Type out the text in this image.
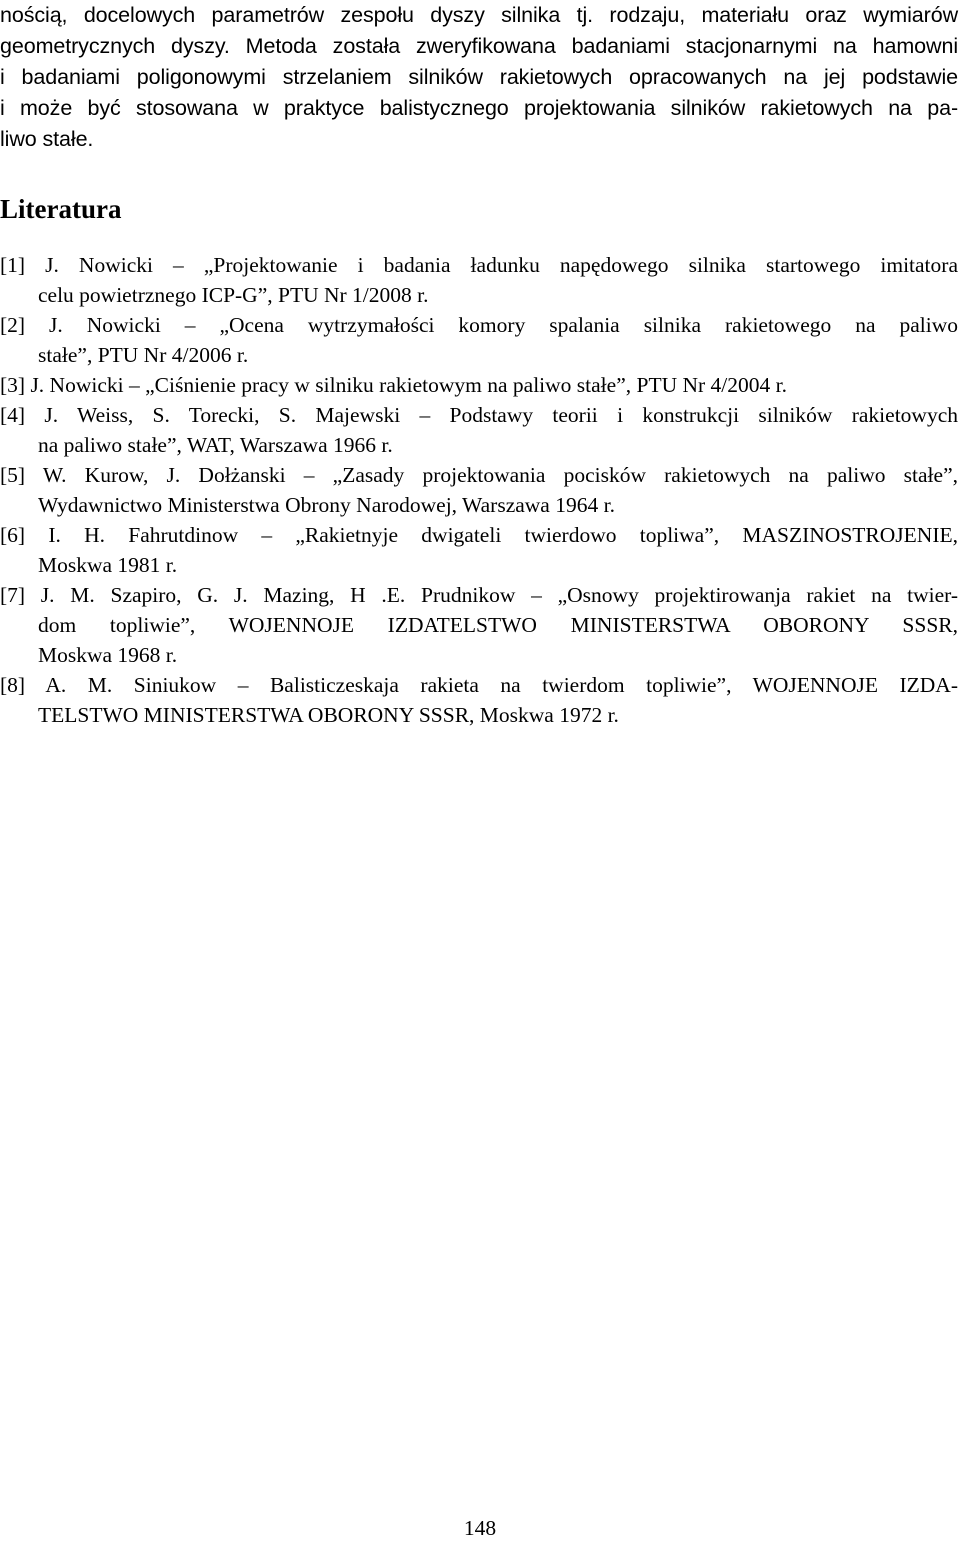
nością, docelowych parametrów zespołu dyszy silnika tj. rodzaju, materiału oraz wymiarów
geometrycznych dyszy. Metoda została zweryfikowana badaniami stacjonarnymi na hamowni
i badaniami poligonowymi strzelaniem silników rakietowych opracowanych na jej podstawie
i może być stosowana w praktyce balistycznego projektowania silników rakietowych na pa-
liwo stałe.
Literatura
[1] J. Nowicki – „Projektowanie i badania ładunku napędowego silnika startowego imitatora
celu powietrznego ICP-G”, PTU Nr 1/2008 r.
[2] J. Nowicki – „Ocena wytrzymałości komory spalania silnika rakietowego na paliwo
stałe”, PTU Nr 4/2006 r.
[3] J. Nowicki – „Ciśnienie pracy w silniku rakietowym na paliwo stałe”, PTU Nr 4/2004 r.
[4] J. Weiss, S. Torecki, S. Majewski – Podstawy teorii i konstrukcji silników rakietowych
na paliwo stałe”, WAT, Warszawa 1966 r.
[5] W. Kurow, J. Dołżanski – „Zasady projektowania pocisków rakietowych na paliwo stałe”,
Wydawnictwo Ministerstwa Obrony Narodowej, Warszawa 1964 r.
[6] I. H. Fahrutdinow – „Rakietnyje dwigateli twierdowo topliwa”, MASZINOSTROJENIE,
Moskwa 1981 r.
[7] J. M. Szapiro, G. J. Mazing, H .E. Prudnikow – „Osnowy projektirowanja rakiet na twier-
dom topliwie”, WOJENNOJE IZDATELSTWO MINISTERSTWA OBORONY SSSR,
Moskwa 1968 r.
[8] A. M. Siniukow – Balisticzeskaja rakieta na twierdom topliwie”, WOJENNOJE IZDA-
TELSTWO MINISTERSTWA OBORONY SSSR, Moskwa 1972 r.
148
